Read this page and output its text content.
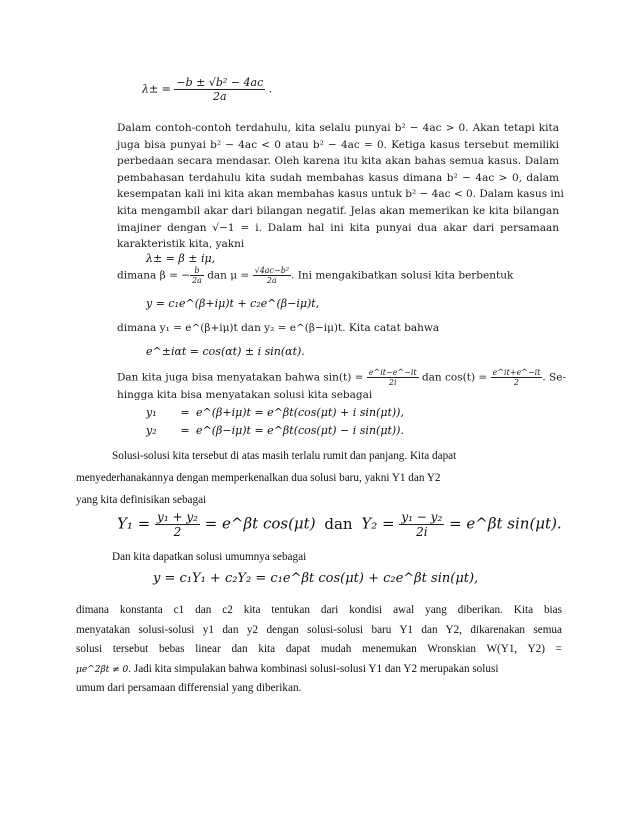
$\lambda\pm = \frac{\text{−b ± √b² − 4ac}}{2a}$ .
Dalam contoh-contoh terdahulu, kita selalu punyai b² − 4ac > 0. Akan tetapi kita
juga bisa punyai b² − 4ac < 0 atau b² − 4ac = 0. Ketiga kasus tersebut memiliki
perbedaan secara mendasar. Oleh karena itu kita akan bahas semua kasus. Dalam
pembahasan terdahulu kita sudah membahas kasus dimana b² − 4ac > 0, dalam
kesempatan kali ini kita akan membahas kasus untuk b² − 4ac < 0. Dalam kasus ini
kita mengambil akar dari bilangan negatif. Jelas akan memerikan ke kita bilangan
imajiner dengan √−1 = i. Dalam hal ini kita punyai dua akar dari persamaan
karakteristik kita, yakni
λ± = β ± iμ,
dimana β = − $\frac{b}{2a}$ dan $\mu = \frac{\text{√4ac−b²}}{2a}$ . Ini mengakibatkan solusi kita berbentuk
y = c₁e^(β+iμ)t + c₂e^(β−iμ)t,
dimana y₁ = e^(β+iμ)t dan y₂ = e^(β−iμ)t. Kita catat bahwa
e^±iαt = cos(αt) ± i sin(αt).
Dan kita juga bisa menyatakan bahwa $\sin(t) = \frac{e\^{}it-e\^{}-it}{2i}$ dan $\cos(t) = \frac{e\^{}it+e\^{}-it}{2}$ . Se-
hingga kita bisa menyatakan solusi kita sebagai
y₁ = e^(β+iμ)t = e^βt(cos(μt) + i sin(μt)),
y₂ = e^(β−iμ)t = e^βt(cos(μt) − i sin(μt)).
Solusi-solusi kita tersebut di atas masih terlalu rumit dan panjang. Kita dapat
menyederhanakannya dengan memperkenalkan dua solusi baru, yakni Y1 dan Y2
yang kita definisikan sebagai
$Y_1 = \frac{\text{y₁ + y₂}}{2}$ = e^βt cos(μt) dan $Y_2 = \frac{\text{y₁ − y₂}}{2i}$ = e^βt sin(μt).
Dan kita dapatkan solusi umumnya sebagai
y = c₁Y₁ + c₂Y₂ = c₁e^βt cos(μt) + c₂e^βt sin(μt),
dimana konstanta c1 dan c2 kita tentukan dari kondisi awal yang diberikan. Kita bias
menyatakan solusi-solusi y1 dan y2 dengan solusi-solusi baru Y1 dan Y2, dikarenakan semua
solusi tersebut bebas linear dan kita dapat mudah menemukan Wronskian W(Y1, Y2) =
μe^2βt ≠ 0. Jadi kita simpulakan bahwa kombinasi solusi-solusi Y1 dan Y2 merupakan solusi
umum dari persamaan differensial yang diberikan.
